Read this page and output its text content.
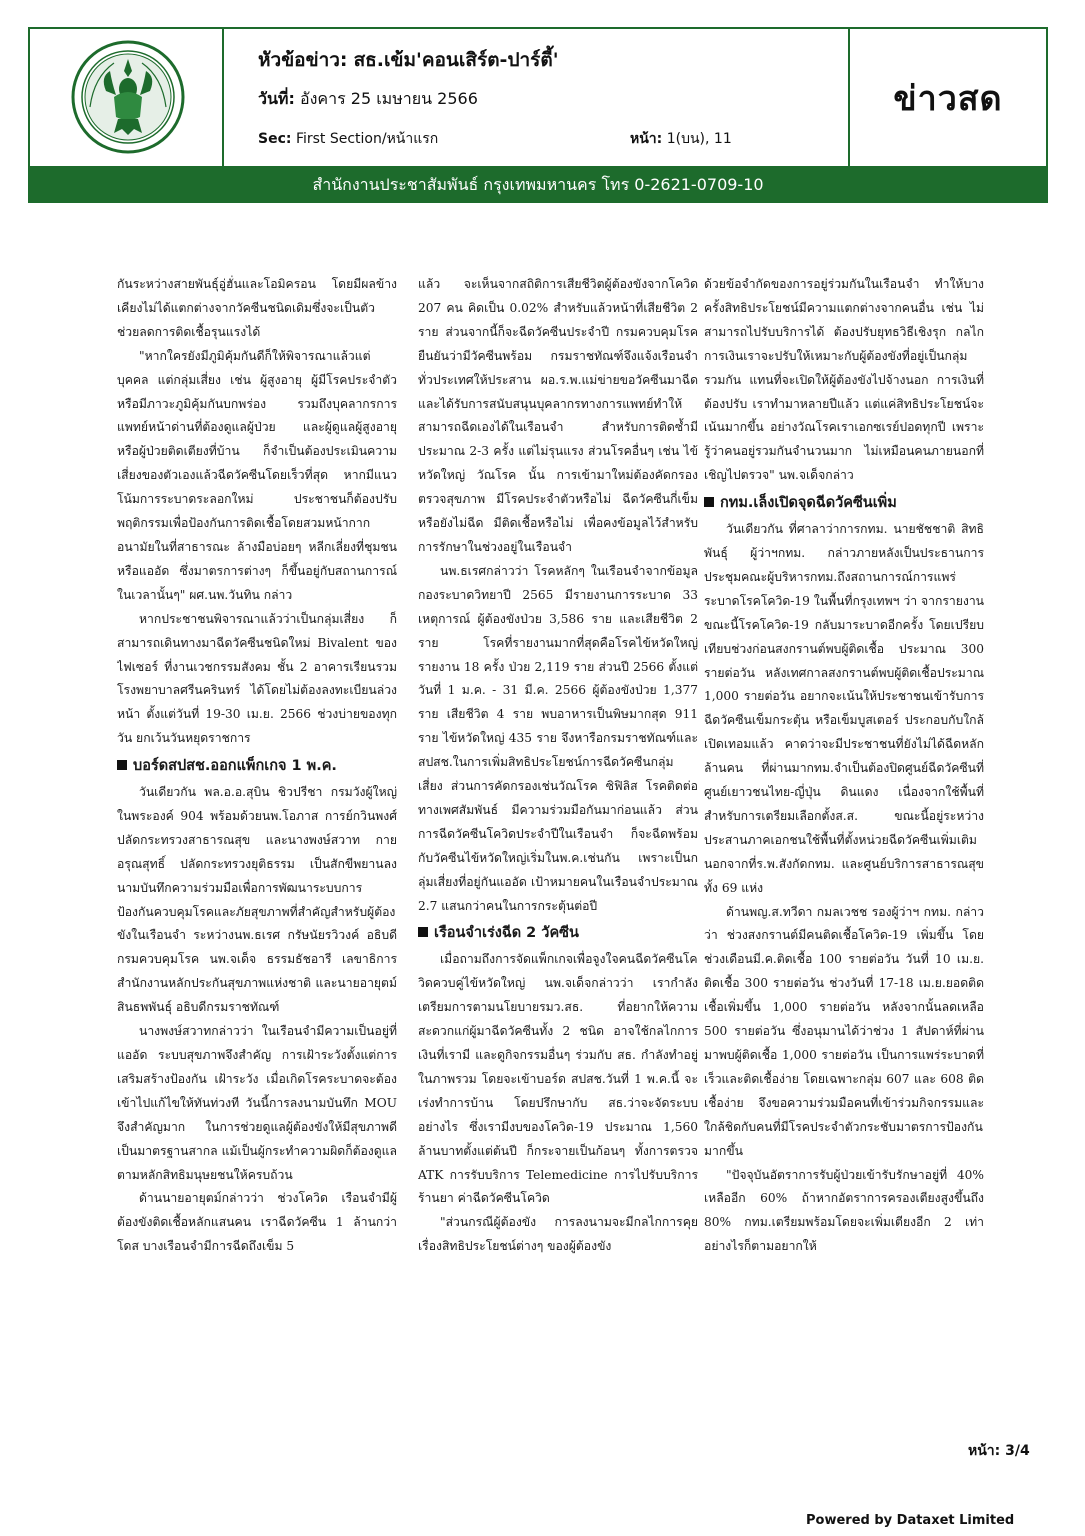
หัวข้อข่าว: สธ.เข้ม'คอนเสิร์ต-ปาร์ตี้'
วันที่: อังคาร 25 เมษายน 2566
Sec: First Section/หน้าแรก	หน้า: 1(บน), 11
ข่าวสด
สำนักงานประชาสัมพันธ์ กรุงเทพมหานคร โทร 0-2621-0709-10

กันระหว่างสายพันธุ์อู่ฮั่นและโอมิครอน โดยมีผลข้างเคียงไม่ได้แตกต่างจากวัคซีนชนิดเดิมซึ่งจะเป็นตัวช่วยลดการติดเชื้อรุนแรงได้

"หากใครยังมีภูมิคุ้มกันดีก็ให้พิจารณาแล้วแต่บุคคล แต่กลุ่มเสี่ยง เช่น ผู้สูงอายุ ผู้มีโรคประจำตัว หรือมีภาวะภูมิคุ้มกันบกพร่อง รวมถึงบุคลากรการแพทย์หน้าด่านที่ต้องดูแลผู้ป่วย และผู้ดูแลผู้สูงอายุ หรือผู้ป่วยติดเตียงที่บ้าน ก็จำเป็นต้องประเมินความเสี่ยงของตัวเองแล้วฉีดวัคซีนโดยเร็วที่สุด หากมีแนวโน้มการระบาดระลอกใหม่ ประชาชนก็ต้องปรับพฤติกรรมเพื่อป้องกันการติดเชื้อโดยสวมหน้ากากอนามัยในที่สาธารณะ ล้างมือบ่อยๆ หลีกเลี่ยงที่ชุมชน หรือแออัด ซึ่งมาตรการต่างๆ ก็ขึ้นอยู่กับสถานการณ์ในเวลานั้นๆ" ผศ.นพ.วันทิน กล่าว

หากประชาชนพิจารณาแล้วว่าเป็นกลุ่มเสี่ยง ก็สามารถเดินทางมาฉีดวัคซีนชนิดใหม่ Bivalent ของไฟเซอร์ ที่งานเวชกรรมสังคม ชั้น 2 อาคารเรียนรวม โรงพยาบาลศรีนครินทร์ ได้โดยไม่ต้องลงทะเบียนล่วงหน้า ตั้งแต่วันที่ 19-30 เม.ย. 2566 ช่วงบ่ายของทุกวัน ยกเว้นวันหยุดราชการ

บอร์ดสปสช.ออกแพ็กเกจ 1 พ.ค.

วันเดียวกัน พล.อ.อ.สุบิน ชิวปรีชา กรมวังผู้ใหญ่ในพระองค์ 904 พร้อมด้วยนพ.โอภาส การย์กวินพงศ์ ปลัดกระทรวงสาธารณสุข และนางพงษ์สวาท กายอรุณสุทธิ์ ปลัดกระทรวงยุติธรรม เป็นสักขีพยานลงนามบันทึกความร่วมมือเพื่อการพัฒนาระบบการป้องกันควบคุมโรคและภัยสุขภาพที่สำคัญสำหรับผู้ต้องขังในเรือนจำ ระหว่างนพ.ธเรศ กรัษนัยรวิวงค์ อธิบดีกรมควบคุมโรค นพ.จเด็จ ธรรมธัชอารี เลขาธิการสำนักงานหลักประกันสุขภาพแห่งชาติ และนายอายุตม์ สินธพพันธุ์ อธิบดีกรมราชทัณฑ์

นางพงษ์สวาทกล่าวว่า ในเรือนจำมีความเป็นอยู่ที่แออัด ระบบสุขภาพจึงสำคัญ การเฝ้าระวังตั้งแต่การเสริมสร้างป้องกัน เฝ้าระวัง เมื่อเกิดโรคระบาดจะต้องเข้าไปแก้ไขให้ทันท่วงที วันนี้การลงนามบันทึก MOU จึงสำคัญมาก ในการช่วยดูแลผู้ต้องขังให้มีสุขภาพดีเป็นมาตรฐานสากล แม้เป็นผู้กระทำความผิดก็ต้องดูแลตามหลักสิทธิมนุษยชนให้ครบถ้วน

ด้านนายอายุตม์กล่าวว่า ช่วงโควิด เรือนจำมีผู้ต้องขังติดเชื้อหลักแสนคน เราฉีดวัคซีน 1 ล้านกว่าโดส บางเรือนจำมีการฉีดถึงเข็ม 5

แล้ว จะเห็นจากสถิติการเสียชีวิตผู้ต้องขังจากโควิด 207 คน คิดเป็น 0.02% สำหรับแล้วหน้าที่เสียชีวิต 2 ราย ส่วนจากนี้ก็จะฉีดวัคซีนประจำปี กรมควบคุมโรคยืนยันว่ามีวัคซีนพร้อม กรมราชทัณฑ์จึงแจ้งเรือนจำทั่วประเทศให้ประสาน ผอ.ร.พ.แม่ข่ายขอวัคซีนมาฉีด และได้รับการสนับสนุนบุคลากรทางการแพทย์ทำให้สามารถฉีดเองได้ในเรือนจำ สำหรับการติดซ้ำมีประมาณ 2-3 ครั้ง แต่ไม่รุนแรง ส่วนโรคอื่นๆ เช่น ไข้หวัดใหญ่ วัณโรค นั้น การเข้ามาใหม่ต้องคัดกรองตรวจสุขภาพ มีโรคประจำตัวหรือไม่ ฉีดวัคซีนกี่เข็ม หรือยังไม่ฉีด มีติดเชื้อหรือไม่ เพื่อคงข้อมูลไว้สำหรับการรักษาในช่วงอยู่ในเรือนจำ

นพ.ธเรศกล่าวว่า โรคหลักๆ ในเรือนจำจากข้อมูลกองระบาดวิทยาปี 2565 มีรายงานการระบาด 33 เหตุการณ์ ผู้ต้องขังป่วย 3,586 ราย และเสียชีวิต 2 ราย โรคที่รายงานมากที่สุดคือโรคไข้หวัดใหญ่รายงาน 18 ครั้ง ป่วย 2,119 ราย ส่วนปี 2566 ตั้งแต่วันที่ 1 ม.ค. - 31 มี.ค. 2566 ผู้ต้องขังป่วย 1,377 ราย เสียชีวิต 4 ราย พบอาหารเป็นพิษมากสุด 911 ราย ไข้หวัดใหญ่ 435 ราย จึงหารือกรมราชทัณฑ์และสปสช.ในการเพิ่มสิทธิประโยชน์การฉีดวัคซีนกลุ่มเสี่ยง ส่วนการคัดกรองเช่นวัณโรค ซิฟิลิส โรคติดต่อทางเพศสัมพันธ์ มีความร่วมมือกันมาก่อนแล้ว ส่วนการฉีดวัคซีนโควิดประจำปีในเรือนจำ ก็จะฉีดพร้อมกับวัคซีนไข้หวัดใหญ่เริ่มในพ.ค.เช่นกัน เพราะเป็นกลุ่มเสี่ยงที่อยู่กันแออัด เป้าหมายคนในเรือนจำประมาณ 2.7 แสนกว่าคนในการกระตุ้นต่อปี

เรือนจำเร่งฉีด 2 วัคซีน

เมื่อถามถึงการจัดแพ็กเกจเพื่อจูงใจคนฉีดวัคซีนโควิดควบคู่ไข้หวัดใหญ่ นพ.จเด็จกล่าวว่า เรากำลังเตรียมการตามนโยบายรมว.สธ. ที่อยากให้ความสะดวกแก่ผู้มาฉีดวัคซีนทั้ง 2 ชนิด อาจใช้กลไกการเงินที่เรามี และดูกิจกรรมอื่นๆ ร่วมกับ สธ. กำลังทำอยู่ในภาพรวม โดยจะเข้าบอร์ด สปสช.วันที่ 1 พ.ค.นี้ จะเร่งทำการบ้าน โดยปรึกษากับ สธ.ว่าจะจัดระบบอย่างไร ซึ่งเรามีงบของโควิด-19 ประมาณ 1,560 ล้านบาทตั้งแต่ต้นปี ก็กระจายเป็นก้อนๆ ทั้งการตรวจ ATK การรับบริการ Telemedicine การไปรับบริการร้านยา ค่าฉีดวัคซีนโควิด

"ส่วนกรณีผู้ต้องขัง การลงนามจะมีกลไกการคุยเรื่องสิทธิประโยชน์ต่างๆ ของผู้ต้องขัง

ด้วยข้อจำกัดของการอยู่ร่วมกันในเรือนจำ ทำให้บางครั้งสิทธิประโยชน์มีความแตกต่างจากคนอื่น เช่น ไม่สามารถไปรับบริการได้ ต้องปรับยุทธวิธีเชิงรุก กลไกการเงินเราจะปรับให้เหมาะกับผู้ต้องขังที่อยู่เป็นกลุ่มรวมกัน แทนที่จะเปิดให้ผู้ต้องขังไปจ้างนอก การเงินที่ต้องปรับ เราทำมาหลายปีแล้ว แต่แค่สิทธิประโยชน์จะเน้นมากขึ้น อย่างวัณโรคเราเอกซเรย์ปอดทุกปี เพราะรู้ว่าคนอยู่รวมกันจำนวนมาก ไม่เหมือนคนภายนอกที่เชิญไปตรวจ" นพ.จเด็จกล่าว

กทม.เล็งเปิดจุดฉีดวัคซีนเพิ่ม

วันเดียวกัน ที่ศาลาว่าการกทม. นายชัชชาติ สิทธิพันธุ์ ผู้ว่าฯกทม. กล่าวภายหลังเป็นประธานการประชุมคณะผู้บริหารกทม.ถึงสถานการณ์การแพร่ระบาดโรคโควิด-19 ในพื้นที่กรุงเทพฯ ว่า จากรายงานขณะนี้โรคโควิด-19 กลับมาระบาดอีกครั้ง โดยเปรียบเทียบช่วงก่อนสงกรานต์พบผู้ติดเชื้อ ประมาณ 300 รายต่อวัน หลังเทศกาลสงกรานต์พบผู้ติดเชื้อประมาณ 1,000 รายต่อวัน อยากจะเน้นให้ประชาชนเข้ารับการฉีดวัคซีนเข็มกระตุ้น หรือเข็มบูสเตอร์ ประกอบกับใกล้เปิดเทอมแล้ว คาดว่าจะมีประชาชนที่ยังไม่ได้ฉีดหลักล้านคน ที่ผ่านมากทม.จำเป็นต้องปิดศูนย์ฉีดวัคซีนที่ศูนย์เยาวชนไทย-ญี่ปุ่น ดินแดง เนื่องจากใช้พื้นที่สำหรับการเตรียมเลือกตั้งส.ส. ขณะนี้อยู่ระหว่างประสานภาคเอกชนใช้พื้นที่ตั้งหน่วยฉีดวัคซีนเพิ่มเติม นอกจากที่ร.พ.สังกัดกทม. และศูนย์บริการสาธารณสุขทั้ง 69 แห่ง

ด้านพญ.ส.ทวีดา กมลเวชช รองผู้ว่าฯ กทม. กล่าวว่า ช่วงสงกรานต์มีคนติดเชื้อโควิด-19 เพิ่มขึ้น โดยช่วงเดือนมี.ค.ติดเชื้อ 100 รายต่อวัน วันที่ 10 เม.ย. ติดเชื้อ 300 รายต่อวัน ช่วงวันที่ 17-18 เม.ย.ยอดติดเชื้อเพิ่มขึ้น 1,000 รายต่อวัน หลังจากนั้นลดเหลือ 500 รายต่อวัน ซึ่งอนุมานได้ว่าช่วง 1 สัปดาห์ที่ผ่านมาพบผู้ติดเชื้อ 1,000 รายต่อวัน เป็นการแพร่ระบาดที่เร็วและติดเชื้อง่าย โดยเฉพาะกลุ่ม 607 และ 608 ติดเชื้อง่าย จึงขอความร่วมมือคนที่เข้าร่วมกิจกรรมและใกล้ชิดกับคนที่มีโรคประจำตัวกระชับมาตรการป้องกันมากขึ้น

"ปัจจุบันอัตราการรับผู้ป่วยเข้ารับรักษาอยู่ที่ 40% เหลืออีก 60% ถ้าหากอัตราการครองเตียงสูงขึ้นถึง 80% กทม.เตรียมพร้อมโดยจะเพิ่มเตียงอีก 2 เท่า อย่างไรก็ตามอยากให้

หน้า: 3/4
Powered by Dataxet Limited
